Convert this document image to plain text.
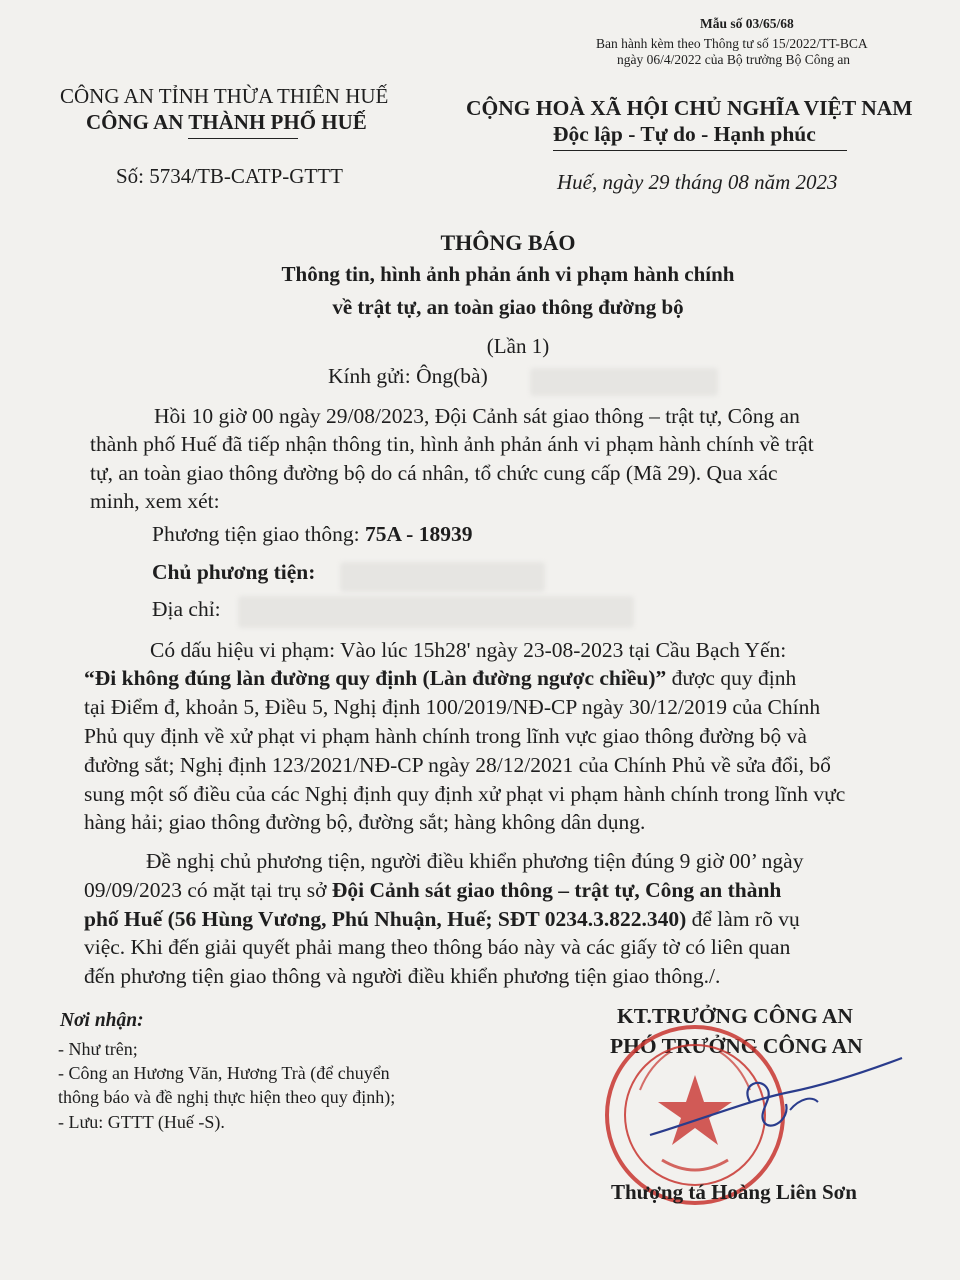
Mẫu số 03/65/68
Ban hành kèm theo Thông tư số 15/2022/TT-BCA
ngày 06/4/2022 của Bộ trưởng Bộ Công an
CÔNG AN TỈNH THỪA THIÊN HUẾ
CÔNG AN THÀNH PHỐ HUẾ
Số: 5734/TB-CATP-GTTT
CỘNG HOÀ XÃ HỘI CHỦ NGHĨA VIỆT NAM
Độc lập - Tự do - Hạnh phúc
Huế, ngày 29 tháng 08 năm 2023
THÔNG BÁO
Thông tin, hình ảnh phản ánh vi phạm hành chính
về trật tự, an toàn giao thông đường bộ
(Lần 1)
Kính gửi: Ông(bà)
Hồi 10 giờ 00 ngày 29/08/2023, Đội Cảnh sát giao thông – trật tự, Công an
thành phố Huế đã tiếp nhận thông tin, hình ảnh phản ánh vi phạm hành chính về trật
tự, an toàn giao thông đường bộ do cá nhân, tổ chức cung cấp (Mã 29). Qua xác
minh, xem xét:
Phương tiện giao thông: 75A - 18939
Chủ phương tiện:
Địa chỉ:
Có dấu hiệu vi phạm: Vào lúc 15h28' ngày 23-08-2023 tại Cầu Bạch Yến:
“Đi không đúng làn đường quy định (Làn đường ngược chiều)” được quy định
tại Điểm đ, khoản 5, Điều 5, Nghị định 100/2019/NĐ-CP ngày 30/12/2019 của Chính
Phủ quy định về xử phạt vi phạm hành chính trong lĩnh vực giao thông đường bộ và
đường sắt; Nghị định 123/2021/NĐ-CP ngày 28/12/2021 của Chính Phủ về sửa đổi, bổ
sung một số điều của các Nghị định quy định xử phạt vi phạm hành chính trong lĩnh vực
hàng hải; giao thông đường bộ, đường sắt; hàng không dân dụng.
Đề nghị chủ phương tiện, người điều khiển phương tiện đúng 9 giờ 00’ ngày
09/09/2023 có mặt tại trụ sở Đội Cảnh sát giao thông – trật tự, Công an thành
phố Huế (56 Hùng Vương, Phú Nhuận, Huế; SĐT 0234.3.822.340) để làm rõ vụ
việc. Khi đến giải quyết phải mang theo thông báo này và các giấy tờ có liên quan
đến phương tiện giao thông và người điều khiển phương tiện giao thông./.
Nơi nhận:
- Như trên;
- Công an Hương Văn, Hương Trà (để chuyển
thông báo và đề nghị thực hiện theo quy định);
- Lưu: GTTT (Huế -S).
KT.TRƯỞNG CÔNG AN
PHÓ TRƯỞNG CÔNG AN
Thượng tá Hoàng Liên Sơn
